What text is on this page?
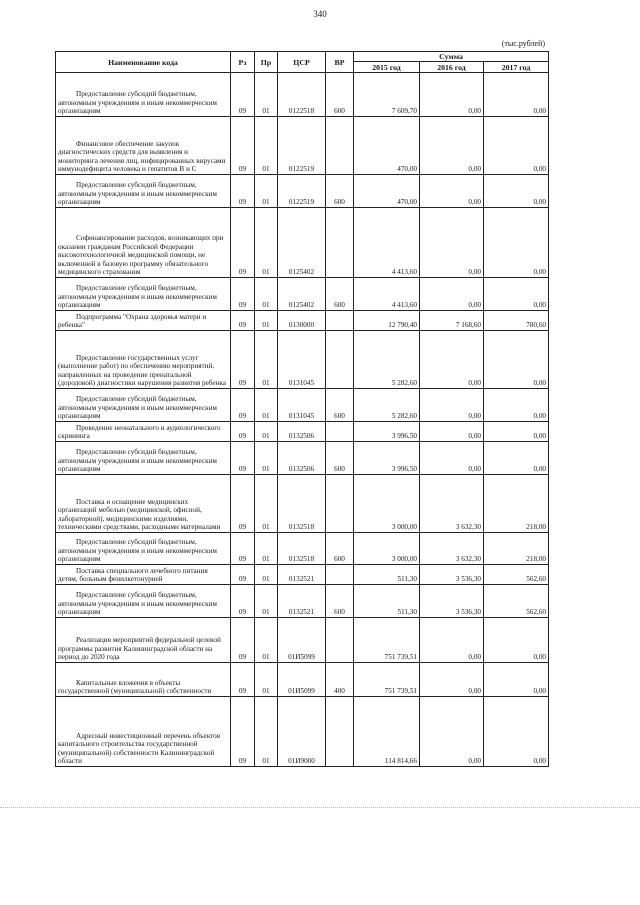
340
(тыс.рублей)
Наименование кода	Рз	Пр	ЦСР	ВР	Сумма		
					2015 год	2016 год	2017 год

Предоставление субсидий бюджетным, автономным учреждениям и иным некоммерческим организациям	09	01	0122518	600	7 609,70	0,00	0,00

Финансовое обеспечение закупок диагностических средств для выявления и мониторинга лечения лиц, инфицированных вирусами иммунодефицита человека и гепатитов В и С	09	01	0122519		470,00	0,00	0,00

Предоставление субсидий бюджетным, автономным учреждениям и иным некоммерческим организациям	09	01	0122519	600	470,00	0,00	0,00

Софинансирование расходов, возникающих при оказании гражданам Российской Федерации высокотехнологичной медицинской помощи, не включенной в базовую программу обязательного медицинского страхования	09	01	0125402		4 413,60	0,00	0,00

Предоставление субсидий бюджетным, автономным учреждениям и иным некоммерческим организациям	09	01	0125402	600	4 413,60	0,00	0,00

Подпрограмма "Охрана здоровья матери и ребенка"	09	01	0130000		12 790,40	7 168,60	780,60

Предоставление государственных услуг (выполнение работ) по обеспечению мероприятий, направленных на проведение пренатальной (дородовой) диагностики нарушения развития ребенка	09	01	0131045		5 282,60	0,00	0,00

Предоставление субсидий бюджетным, автономным учреждениям и иным некоммерческим организациям	09	01	0131045	600	5 282,60	0,00	0,00

Проведение неонатального и аудиологического скрининга	09	01	0132506		3 996,50	0,00	0,00

Предоставление субсидий бюджетным, автономным учреждениям и иным некоммерческим организациям	09	01	0132506	600	3 996,50	0,00	0,00

Поставка и оснащение медицинских организаций мебелью (медицинской, офисной, лабораторной), медицинскими изделиями, техническими средствами, расходными материалами	09	01	0132518		3 000,00	3 632,30	218,00

Предоставление субсидий бюджетным, автономным учреждениям и иным некоммерческим организациям	09	01	0132518	600	3 000,00	3 632,30	218,00

Поставка специального лечебного питания детям, больным фенилкетонурией	09	01	0132521		511,30	3 536,30	562,60

Предоставление субсидий бюджетным, автономным учреждениям и иным некоммерческим организациям	09	01	0132521	600	511,30	3 536,30	562,60

Реализация мероприятий федеральной целевой программы развития Калининградской области на период до 2020 года	09	01	01И5099		751 739,51	0,00	0,00

Капитальные вложения в объекты государственной (муниципальной) собственности	09	01	01И5099	400	751 739,51	0,00	0,00

Адресный инвестиционный перечень объектов капитального строительства государственной (муниципальной) собственности Калининградской области	09	01	01И9000		114 814,66	0,00	0,00
